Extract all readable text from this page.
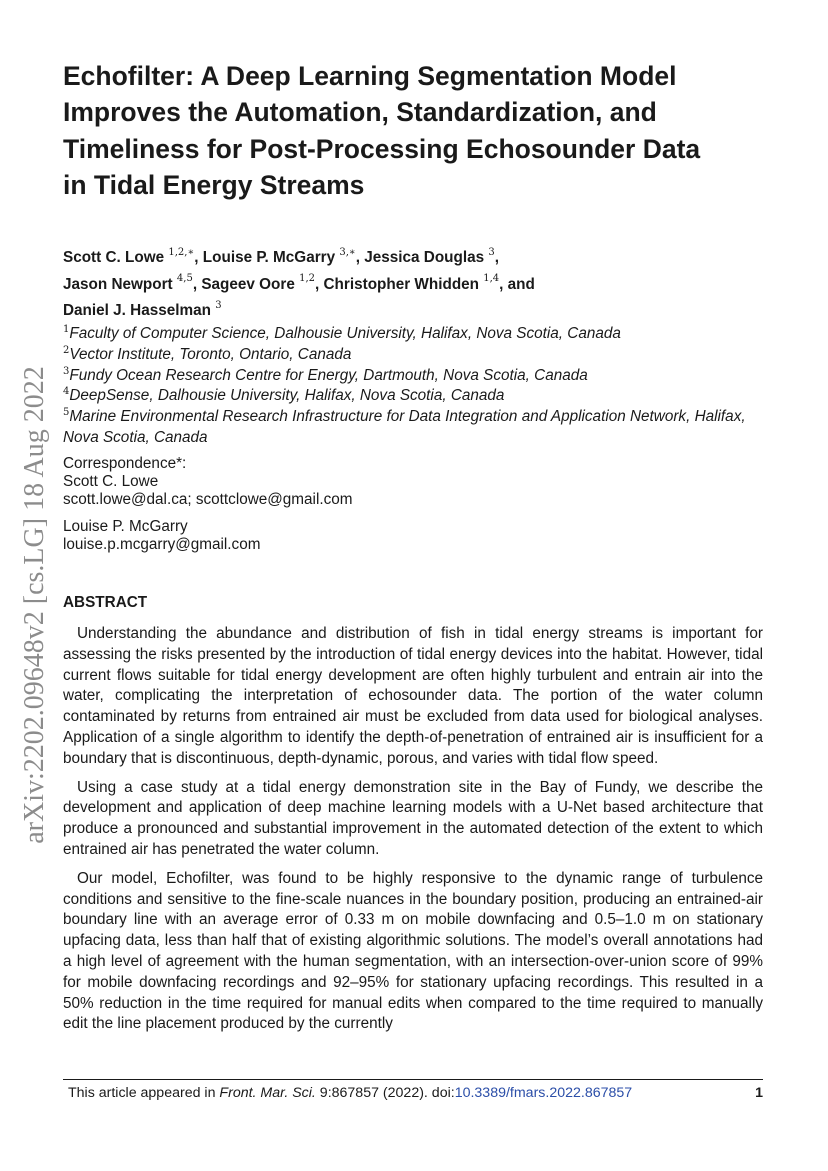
arXiv:2202.09648v2 [cs.LG] 18 Aug 2022
Echofilter: A Deep Learning Segmentation Model Improves the Automation, Standardization, and Timeliness for Post-Processing Echosounder Data in Tidal Energy Streams

Scott C. Lowe $^{1,2,∗}$, Louise P. McGarry $^{3,∗}$, Jessica Douglas $^3$,
Jason Newport $^{4,5}$, Sageev Oore $^{1,2}$, Christopher Whidden $^{1,4}$, and
Daniel J. Hasselman $^3$

$^1$Faculty of Computer Science, Dalhousie University, Halifax, Nova Scotia, Canada
$^2$Vector Institute, Toronto, Ontario, Canada
$^3$Fundy Ocean Research Centre for Energy, Dartmouth, Nova Scotia, Canada
$^4$DeepSense, Dalhousie University, Halifax, Nova Scotia, Canada
$^5$Marine Environmental Research Infrastructure for Data Integration and Application Network, Halifax, Nova Scotia, Canada
Correspondence*:
Scott C. Lowe
scott.lowe@dal.ca; scottclowe@gmail.com
Louise P. McGarry
louise.p.mcgarry@gmail.com
ABSTRACT

Understanding the abundance and distribution of fish in tidal energy streams is important for assessing the risks presented by the introduction of tidal energy devices into the habitat. However, tidal current flows suitable for tidal energy development are often highly turbulent and entrain air into the water, complicating the interpretation of echosounder data. The portion of the water column contaminated by returns from entrained air must be excluded from data used for biological analyses. Application of a single algorithm to identify the depth-of-penetration of entrained air is insufficient for a boundary that is discontinuous, depth-dynamic, porous, and varies with tidal flow speed.

Using a case study at a tidal energy demonstration site in the Bay of Fundy, we describe the development and application of deep machine learning models with a U-Net based architecture that produce a pronounced and substantial improvement in the automated detection of the extent to which entrained air has penetrated the water column.

Our model, Echofilter, was found to be highly responsive to the dynamic range of turbulence conditions and sensitive to the fine-scale nuances in the boundary position, producing an entrained-air boundary line with an average error of 0.33 m on mobile downfacing and 0.5–1.0 m on stationary upfacing data, less than half that of existing algorithmic solutions. The model’s overall annotations had a high level of agreement with the human segmentation, with an intersection-over-union score of 99% for mobile downfacing recordings and 92–95% for stationary upfacing recordings. This resulted in a 50% reduction in the time required for manual edits when compared to the time required to manually edit the line placement produced by the currently

This article appeared in Front. Mar. Sci. 9:867857 (2022). doi:10.3389/fmars.2022.867857	1
